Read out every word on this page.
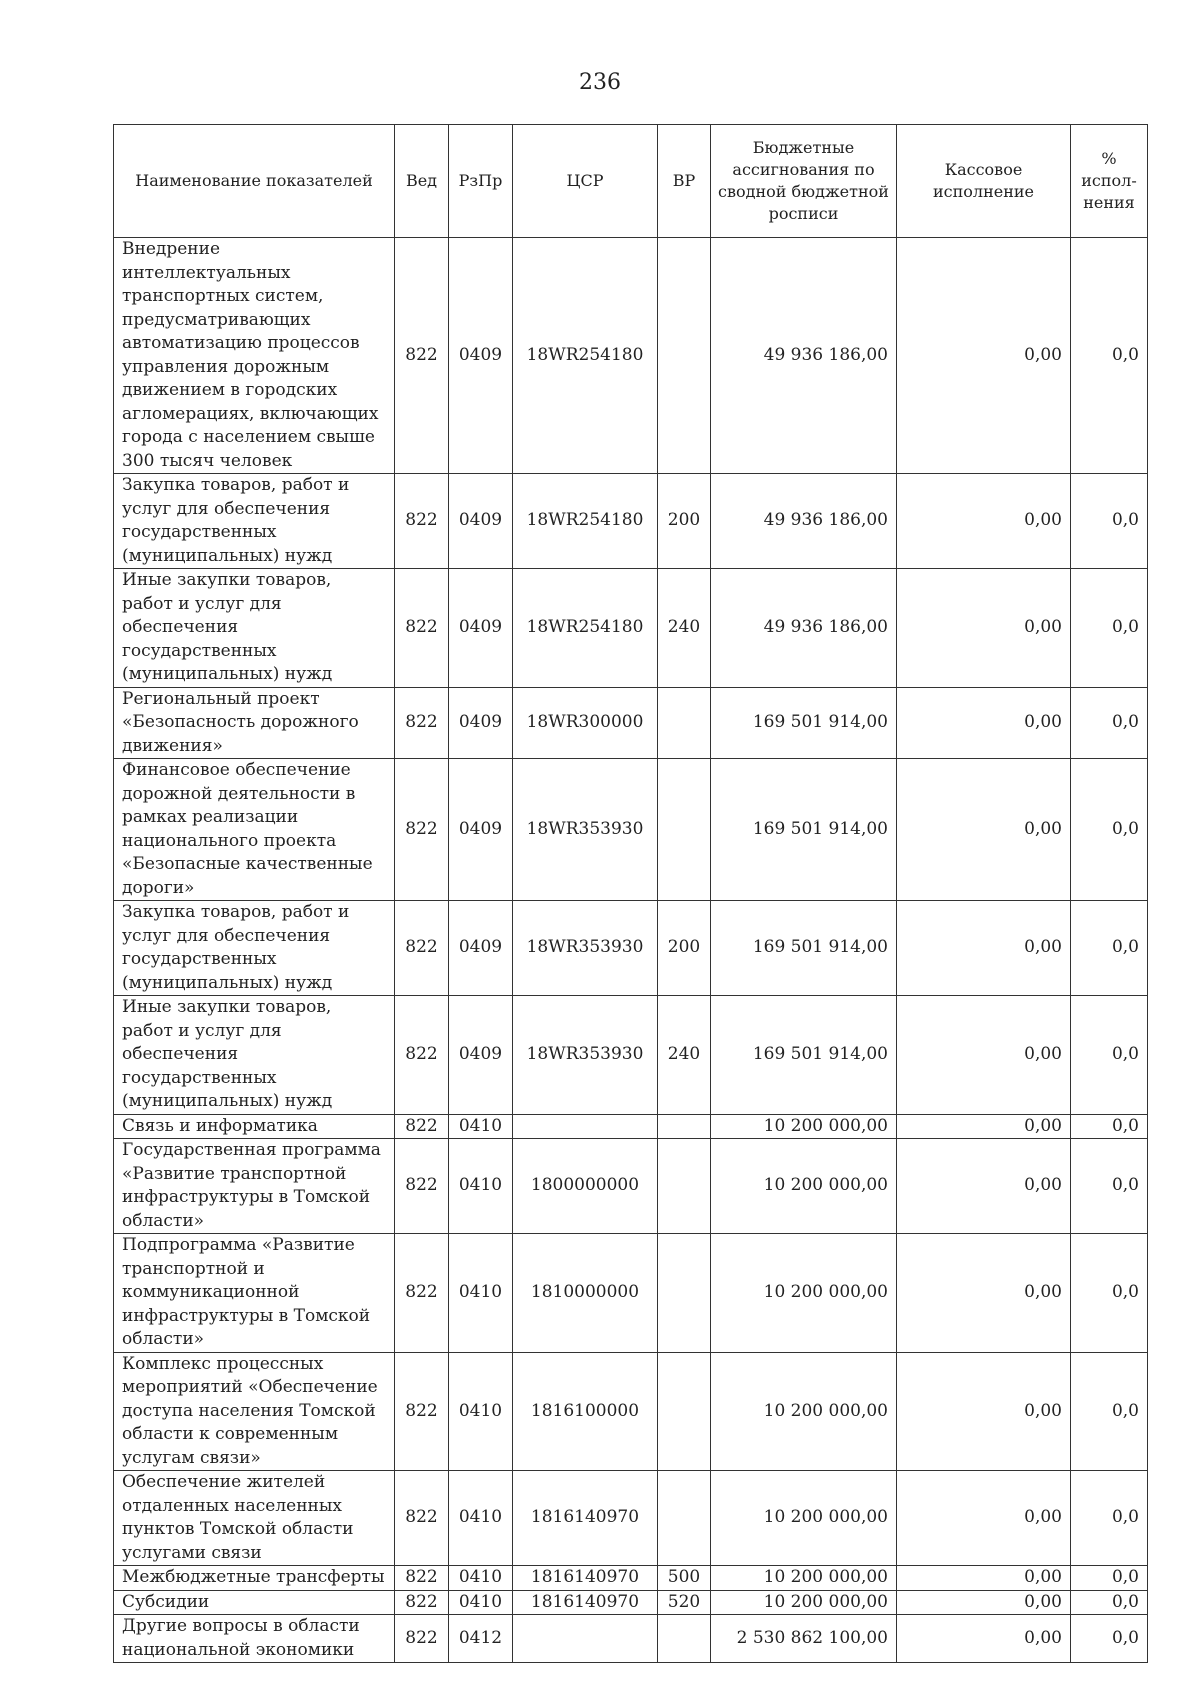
236
Наименование показателей	Вед	РзПр	ЦСР	ВР	Бюджетные ассигнования по сводной бюджетной росписи	Кассовое исполнение	% испол-нения
Внедрение интеллектуальных транспортных систем, предусматривающих автоматизацию процессов управления дорожным движением в городских агломерациях, включающих города с населением свыше 300 тысяч человек	822	0409	18WR254180		49 936 186,00	0,00	0,0
Закупка товаров, работ и услуг для обеспечения государственных (муниципальных) нужд	822	0409	18WR254180	200	49 936 186,00	0,00	0,0
Иные закупки товаров, работ и услуг для обеспечения государственных (муниципальных) нужд	822	0409	18WR254180	240	49 936 186,00	0,00	0,0
Региональный проект «Безопасность дорожного движения»	822	0409	18WR300000		169 501 914,00	0,00	0,0
Финансовое обеспечение дорожной деятельности в рамках реализации национального проекта «Безопасные качественные дороги»	822	0409	18WR353930		169 501 914,00	0,00	0,0
Закупка товаров, работ и услуг для обеспечения государственных (муниципальных) нужд	822	0409	18WR353930	200	169 501 914,00	0,00	0,0
Иные закупки товаров, работ и услуг для обеспечения государственных (муниципальных) нужд	822	0409	18WR353930	240	169 501 914,00	0,00	0,0
Связь и информатика	822	0410			10 200 000,00	0,00	0,0
Государственная программа «Развитие транспортной инфраструктуры в Томской области»	822	0410	1800000000		10 200 000,00	0,00	0,0
Подпрограмма «Развитие транспортной и коммуникационной инфраструктуры в Томской области»	822	0410	1810000000		10 200 000,00	0,00	0,0
Комплекс процессных мероприятий «Обеспечение доступа населения Томской области к современным услугам связи»	822	0410	1816100000		10 200 000,00	0,00	0,0
Обеспечение жителей отдаленных населенных пунктов Томской области услугами связи	822	0410	1816140970		10 200 000,00	0,00	0,0
Межбюджетные трансферты	822	0410	1816140970	500	10 200 000,00	0,00	0,0
Субсидии	822	0410	1816140970	520	10 200 000,00	0,00	0,0
Другие вопросы в области национальной экономики	822	0412			2 530 862 100,00	0,00	0,0
